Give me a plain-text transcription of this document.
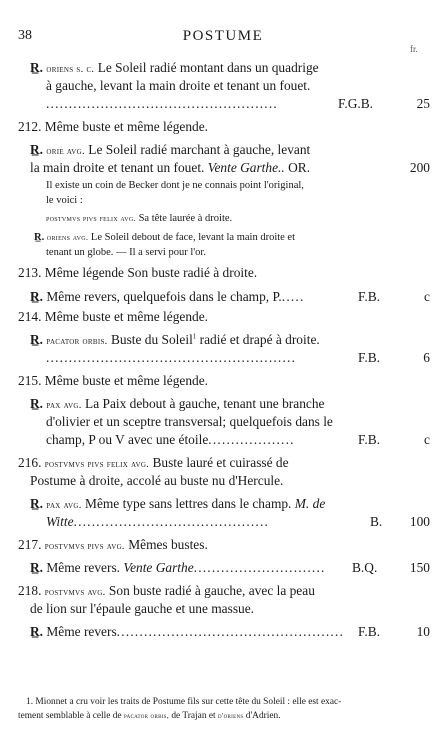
38	POSTUME
fr.
R̲. oriens s. c. Le Soleil radié montant dans un quadrige
à gauche, levant la main droite et tenant un fouet.
...................................................	F.G.B.	25
212. Même buste et même légende.
R̲. orie avg. Le Soleil radié marchant à gauche, levant
la main droite et tenant un fouet. Vente Garthe.. OR.	200
Il existe un coin de Becker dont je ne connais point l'original,
le voici :
postvmvs pivs felix avg. Sa tête laurée à droite.
R̲. oriens avg. Le Soleil debout de face, levant la main droite et
tenant un globe. — Il a servi pour l'or.
213. Même légende Son buste radié à droite.
R̲. Même revers, quelquefois dans le champ, P......	F.B.	c
214. Même buste et même légende.
R̲. pacator orbis. Buste du Soleil$^1$ radié et drapé à droite.
.......................................................	F.B.	6
215. Même buste et même légende.
R̲. pax avg. La Paix debout à gauche, tenant une branche
d'olivier et un sceptre transversal; quelquefois dans le
champ, P ou V avec une étoile...................	F.B.	c
216. postvmvs pivs felix avg. Buste lauré et cuirassé de
Postume à droite, accolé au buste nu d'Hercule.
R̲. pax avg. Même type sans lettres dans le champ. M. de
Witte...........................................	B. 100
217. postvmvs pivs avg. Mêmes bustes.
R̲. Même revers. Vente Garthe............................. B.Q. 150
218. postvmvs avg. Son buste radié à gauche, avec la peau
de lion sur l'épaule gauche et une massue.
R̲. Même revers..................................................	F.B.	10
1. Mionnet a cru voir les traits de Postume fils sur cette tête du Soleil : elle est exac-
tement semblable à celle de pacator orbis, de Trajan et d'oriens d'Adrien.
